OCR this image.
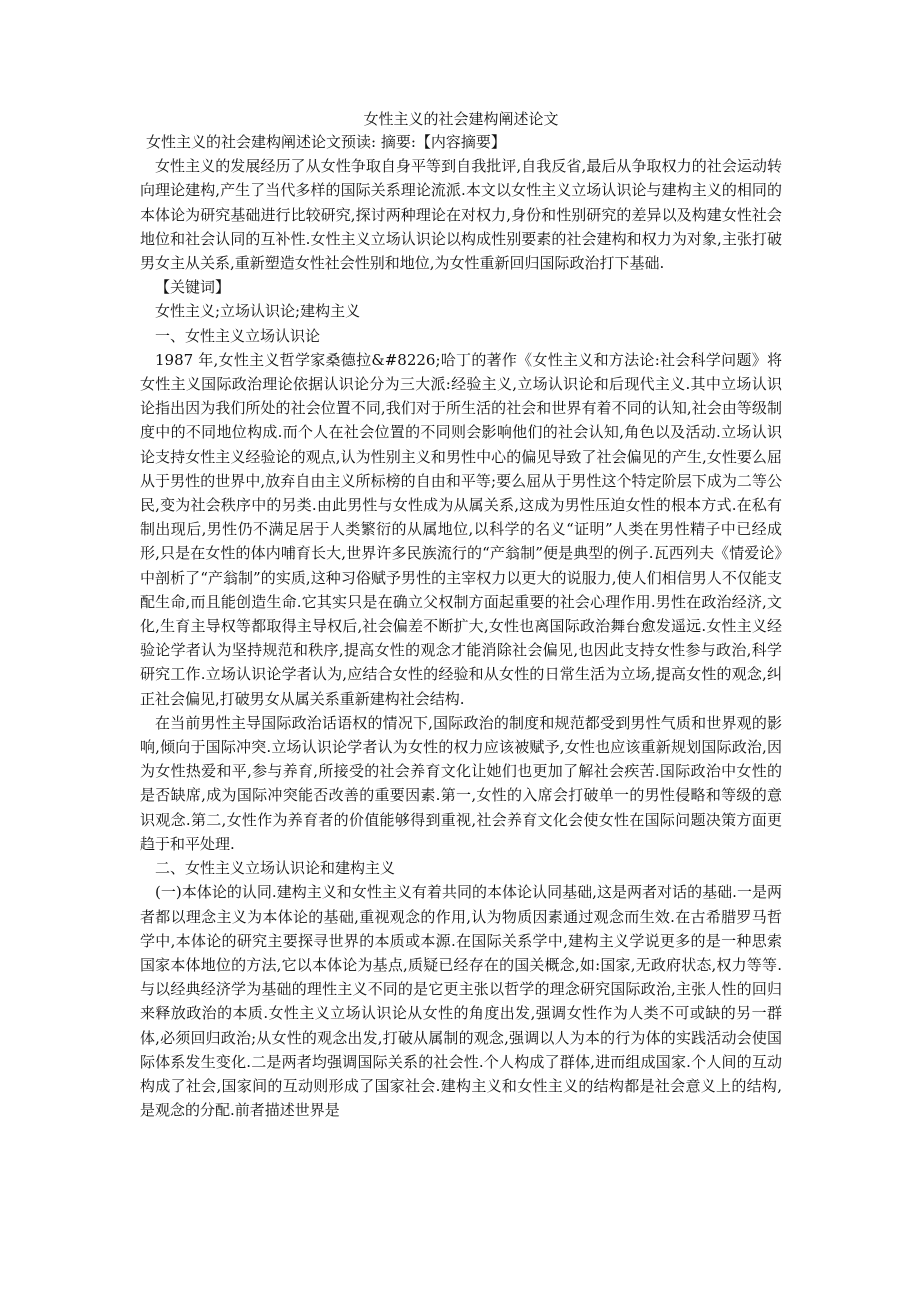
女性主义的社会建构阐述论文

女性主义的社会建构阐述论文预读: 摘要:【内容摘要】

女性主义的发展经历了从女性争取自身平等到自我批评,自我反省,最后从争取权力的社会运动转向理论建构,产生了当代多样的国际关系理论流派.本文以女性主义立场认识论与建构主义的相同的本体论为研究基础进行比较研究,探讨两种理论在对权力,身份和性别研究的差异以及构建女性社会地位和社会认同的互补性.女性主义立场认识论以构成性别要素的社会建构和权力为对象,主张打破男女主从关系,重新塑造女性社会性别和地位,为女性重新回归国际政治打下基础.

【关键词】

女性主义;立场认识论;建构主义

一、女性主义立场认识论

1987 年,女性主义哲学家桑德拉&#8226;哈丁的著作《女性主义和方法论:社会科学问题》将女性主义国际政治理论依据认识论分为三大派:经验主义,立场认识论和后现代主义.其中立场认识论指出因为我们所处的社会位置不同,我们对于所生活的社会和世界有着不同的认知,社会由等级制度中的不同地位构成.而个人在社会位置的不同则会影响他们的社会认知,角色以及活动.立场认识论支持女性主义经验论的观点,认为性别主义和男性中心的偏见导致了社会偏见的产生,女性要么屈从于男性的世界中,放弃自由主义所标榜的自由和平等;要么屈从于男性这个特定阶层下成为二等公民,变为社会秩序中的另类.由此男性与女性成为从属关系,这成为男性压迫女性的根本方式.在私有制出现后,男性仍不满足居于人类繁衍的从属地位,以科学的名义“证明”人类在男性精子中已经成形,只是在女性的体内哺育长大,世界许多民族流行的“产翁制”便是典型的例子.瓦西列夫《情爱论》中剖析了“产翁制”的实质,这种习俗赋予男性的主宰权力以更大的说服力,使人们相信男人不仅能支配生命,而且能创造生命.它其实只是在确立父权制方面起重要的社会心理作用.男性在政治经济,文化,生育主导权等都取得主导权后,社会偏差不断扩大,女性也离国际政治舞台愈发遥远.女性主义经验论学者认为坚持规范和秩序,提高女性的观念才能消除社会偏见,也因此支持女性参与政治,科学研究工作.立场认识论学者认为,应结合女性的经验和从女性的日常生活为立场,提高女性的观念,纠正社会偏见,打破男女从属关系重新建构社会结构.

在当前男性主导国际政治话语权的情况下,国际政治的制度和规范都受到男性气质和世界观的影响,倾向于国际冲突.立场认识论学者认为女性的权力应该被赋予,女性也应该重新规划国际政治,因为女性热爱和平,参与养育,所接受的社会养育文化让她们也更加了解社会疾苦.国际政治中女性的是否缺席,成为国际冲突能否改善的重要因素.第一,女性的入席会打破单一的男性侵略和等级的意识观念.第二,女性作为养育者的价值能够得到重视,社会养育文化会使女性在国际问题决策方面更趋于和平处理.

二、女性主义立场认识论和建构主义

(一)本体论的认同.建构主义和女性主义有着共同的本体论认同基础,这是两者对话的基础.一是两者都以理念主义为本体论的基础,重视观念的作用,认为物质因素通过观念而生效.在古希腊罗马哲学中,本体论的研究主要探寻世界的本质或本源.在国际关系学中,建构主义学说更多的是一种思索国家本体地位的方法,它以本体论为基点,质疑已经存在的国关概念,如:国家,无政府状态,权力等等.与以经典经济学为基础的理性主义不同的是它更主张以哲学的理念研究国际政治,主张人性的回归来释放政治的本质.女性主义立场认识论从女性的角度出发,强调女性作为人类不可或缺的另一群体,必须回归政治;从女性的观念出发,打破从属制的观念,强调以人为本的行为体的实践活动会使国际体系发生变化.二是两者均强调国际关系的社会性.个人构成了群体,进而组成国家.个人间的互动构成了社会,国家间的互动则形成了国家社会.建构主义和女性主义的结构都是社会意义上的结构,是观念的分配.前者描述世界是
